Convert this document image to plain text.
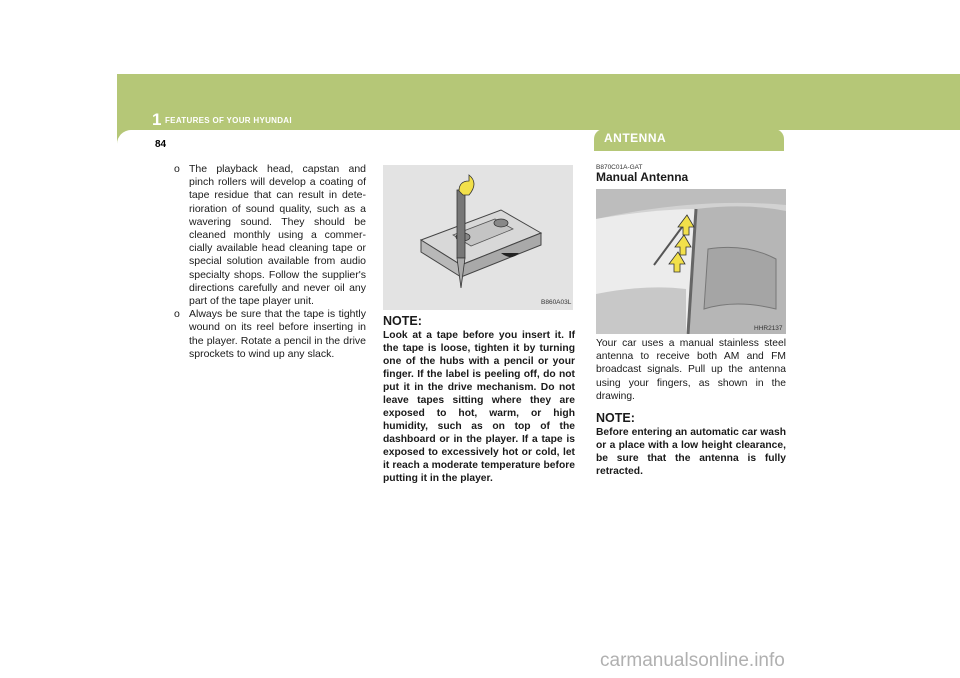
1 FEATURES OF YOUR HYUNDAI
84	ANTENNA
o The playback head, capstan and pinch rollers will develop a coating of tape residue that can result in dete-rioration of sound quality, such as a wavering sound. They should be cleaned monthly using a commer-cially available head cleaning tape or special solution available from audio specialty shops. Follow the supplier's directions carefully and never oil any part of the tape player unit.
o Always be sure that the tape is tightly wound on its reel before inserting in the player. Rotate a pencil in the drive sprockets to wind up any slack.
B860A03L
NOTE:
Look at a tape before you insert it. If the tape is loose, tighten it by turning one of the hubs with a pencil or your finger. If the label is peeling off, do not put it in the drive mechanism. Do not leave tapes sitting where they are exposed to hot, warm, or high humidity, such as on top of the dashboard or in the player. If a tape is exposed to excessively hot or cold, let it reach a moderate temperature before putting it in the player.
B870C01A-GAT
Manual Antenna
HHR2137
Your car uses a manual stainless steel antenna to receive both AM and FM broadcast signals. Pull up the antenna using your fingers, as shown in the drawing.
NOTE:
Before entering an automatic car wash or a place with a low height clearance, be sure that the antenna is fully retracted.
carmanualsonline.info
